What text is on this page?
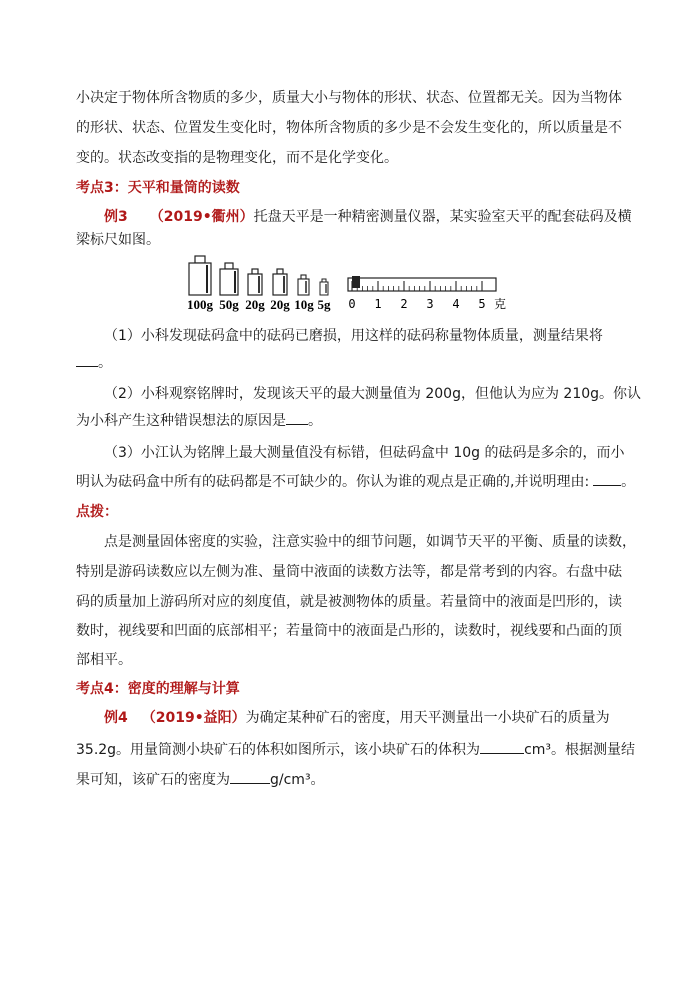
小决定于物体所含物质的多少，质量大小与物体的形状、状态、位置都无关。因为当物体
的形状、状态、位置发生变化时，物体所含物质的多少是不会发生变化的，所以质量是不
变的。状态改变指的是物理变化，而不是化学变化。
考点3：天平和量筒的读数
例3 （2019•衢州）托盘天平是一种精密测量仪器，某实验室天平的配套砝码及横
梁标尺如图。
100g 50g 20g 20g 10g 5g 0 1 2 3 4 5 克
（1）小科发现砝码盒中的砝码已磨损，用这样的砝码称量物体质量，测量结果将
。
（2）小科观察铭牌时，发现该天平的最大测量值为 200g，但他认为应为 210g。你认
为小科产生这种错误想法的原因是 。
（3）小江认为铭牌上最大测量值没有标错，但砝码盒中 10g 的砝码是多余的，而小
明认为砝码盒中所有的砝码都是不可缺少的。你认为谁的观点是正确的,并说明理由: 。
点拨：
点是测量固体密度的实验，注意实验中的细节问题，如调节天平的平衡、质量的读数，
特别是游码读数应以左侧为准、量筒中液面的读数方法等，都是常考到的内容。右盘中砝
码的质量加上游码所对应的刻度值，就是被测物体的质量。若量筒中的液面是凹形的，读
数时，视线要和凹面的底部相平；若量筒中的液面是凸形的，读数时，视线要和凸面的顶
部相平。
考点4：密度的理解与计算
例4 （2019•益阳）为确定某种矿石的密度，用天平测量出一小块矿石的质量为
35.2g。用量筒测小块矿石的体积如图所示，该小块矿石的体积为	cm³。根据测量结
果可知，该矿石的密度为	g/cm³。
